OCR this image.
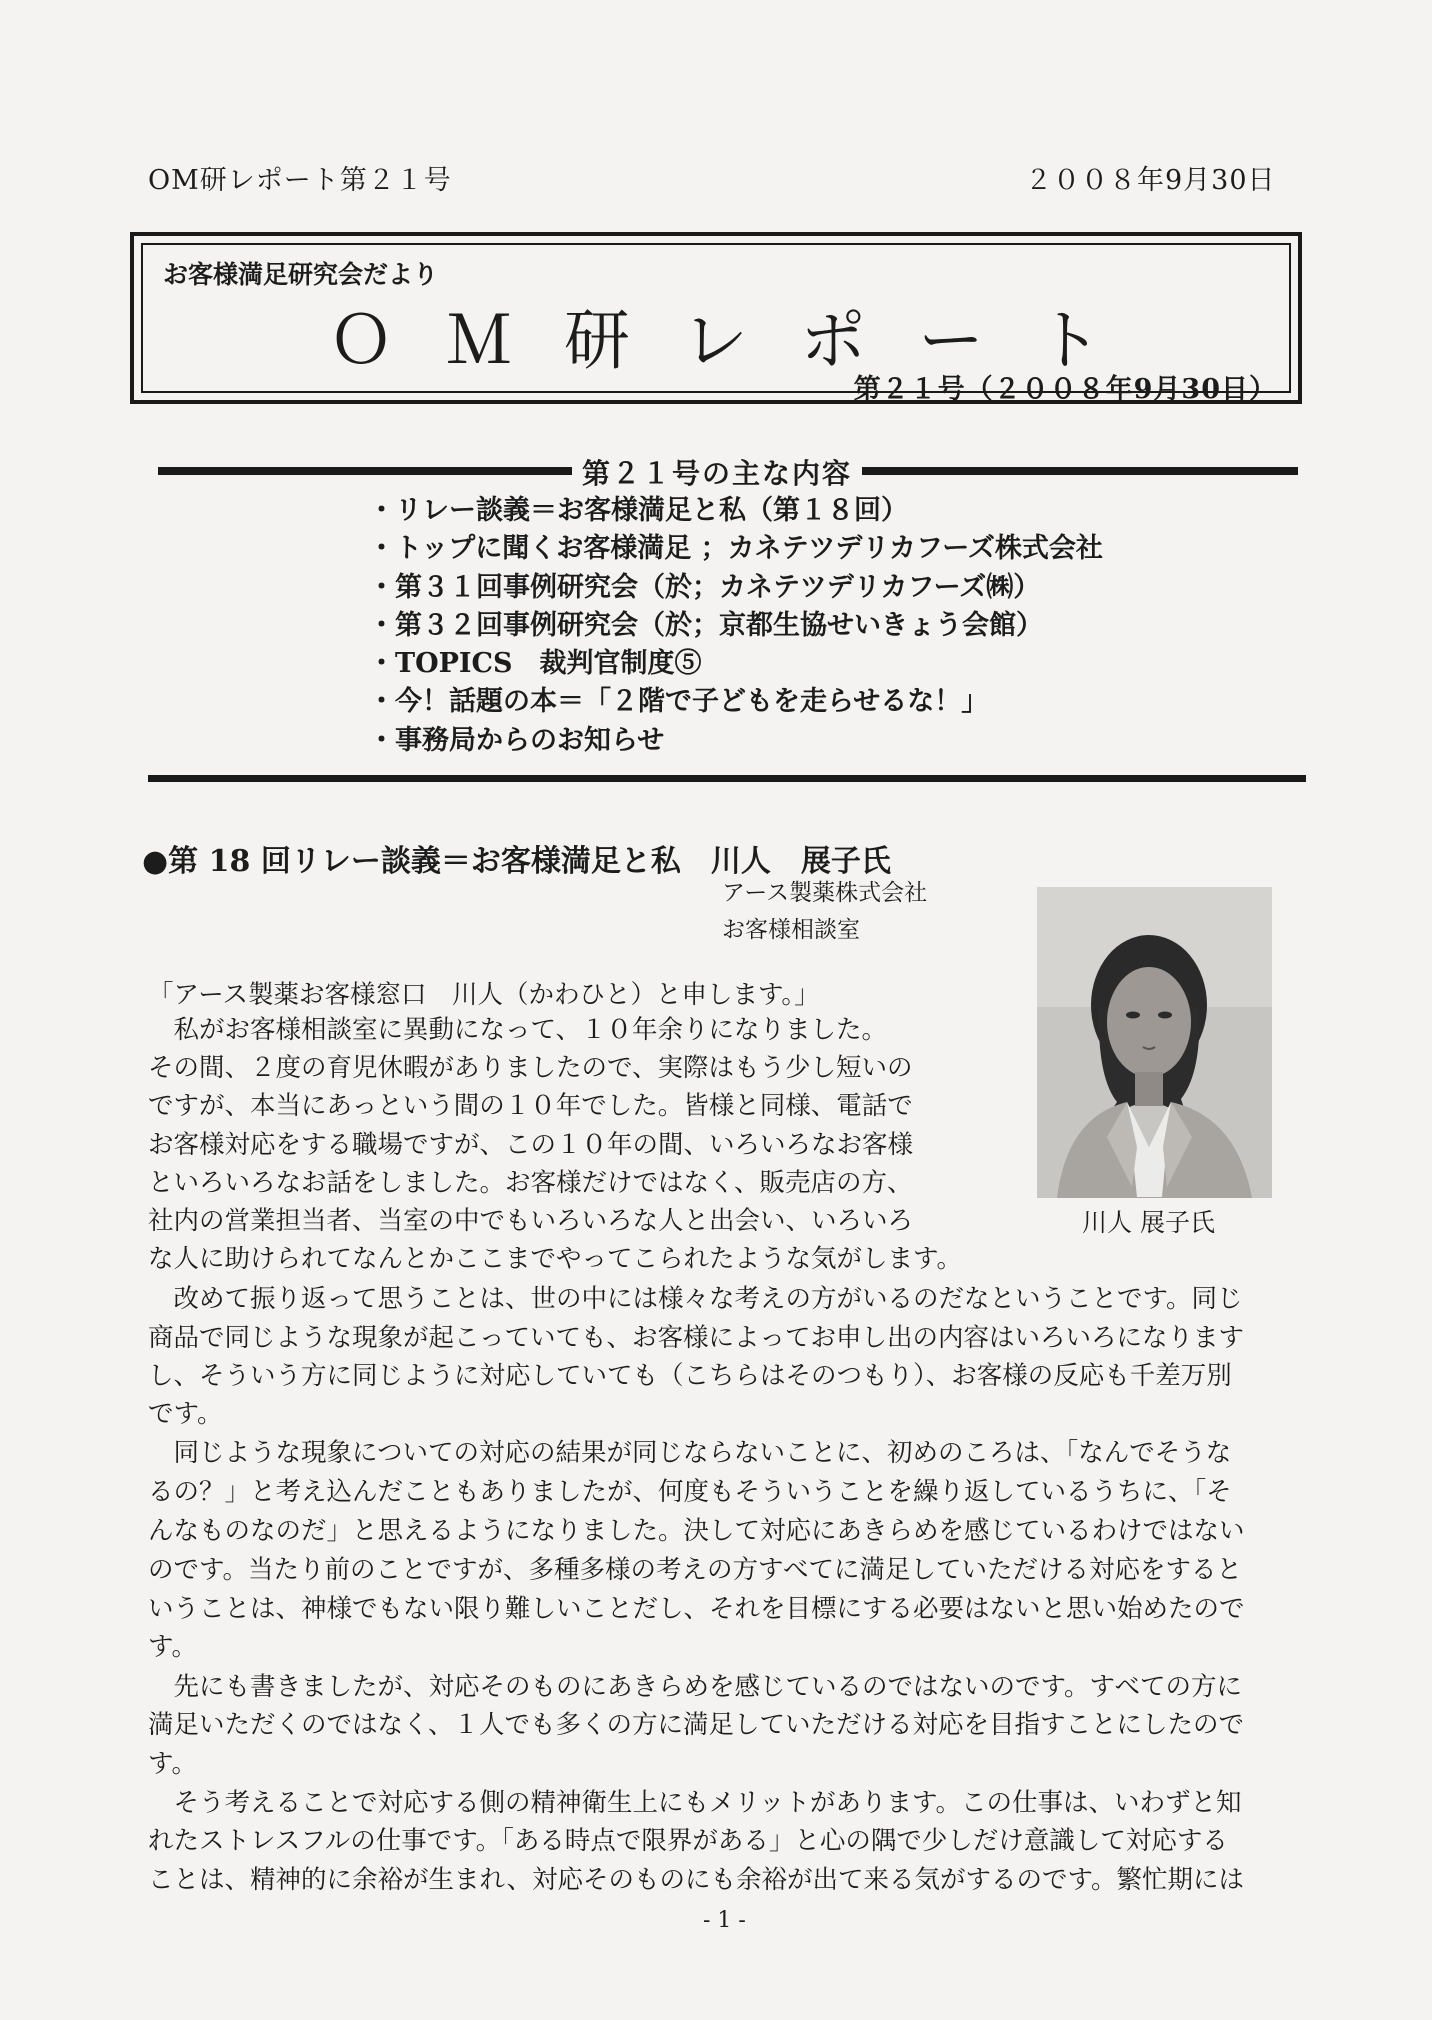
OM研レポート第２１号	２００８年9月30日
お客様満足研究会だより
ＯＭ研レポート
第２１号（２００８年9月30日）
第２１号の主な内容
・リレー談義＝お客様満足と私（第１８回）
・トップに聞くお客様満足 ；カネテツデリカフーズ株式会社
・第３１回事例研究会（於；カネテツデリカフーズ㈱）
・第３２回事例研究会（於；京都生協せいきょう会館）
・TOPICS　裁判官制度⑤
・今！話題の本＝「２階で子どもを走らせるな！」
・事務局からのお知らせ
●第 18 回リレー談義＝お客様満足と私　川人　展子氏
アース製薬株式会社
お客様相談室
川人 展子氏
「アース製薬お客様窓口　川人（かわひと）と申します。」
　私がお客様相談室に異動になって、１０年余りになりました。
その間、２度の育児休暇がありましたので、実際はもう少し短いの
ですが、本当にあっという間の１０年でした。皆様と同様、電話で
お客様対応をする職場ですが、この１０年の間、いろいろなお客様
といろいろなお話をしました。お客様だけではなく、販売店の方、
社内の営業担当者、当室の中でもいろいろな人と出会い、いろいろ
な人に助けられてなんとかここまでやってこられたような気がします。
　改めて振り返って思うことは、世の中には様々な考えの方がいるのだなということです。同じ
商品で同じような現象が起こっていても、お客様によってお申し出の内容はいろいろになります
し、そういう方に同じように対応していても（こちらはそのつもり）、お客様の反応も千差万別
です。
　同じような現象についての対応の結果が同じならないことに、初めのころは、「なんでそうな
るの？」と考え込んだこともありましたが、何度もそういうことを繰り返しているうちに、「そ
んなものなのだ」と思えるようになりました。決して対応にあきらめを感じているわけではない
のです。当たり前のことですが、多種多様の考えの方すべてに満足していただける対応をすると
いうことは、神様でもない限り難しいことだし、それを目標にする必要はないと思い始めたので
す。
　先にも書きましたが、対応そのものにあきらめを感じているのではないのです。すべての方に
満足いただくのではなく、１人でも多くの方に満足していただける対応を目指すことにしたので
す。
　そう考えることで対応する側の精神衛生上にもメリットがあります。この仕事は、いわずと知
れたストレスフルの仕事です。「ある時点で限界がある」と心の隅で少しだけ意識して対応する
ことは、精神的に余裕が生まれ、対応そのものにも余裕が出て来る気がするのです。繁忙期には
- 1 -
